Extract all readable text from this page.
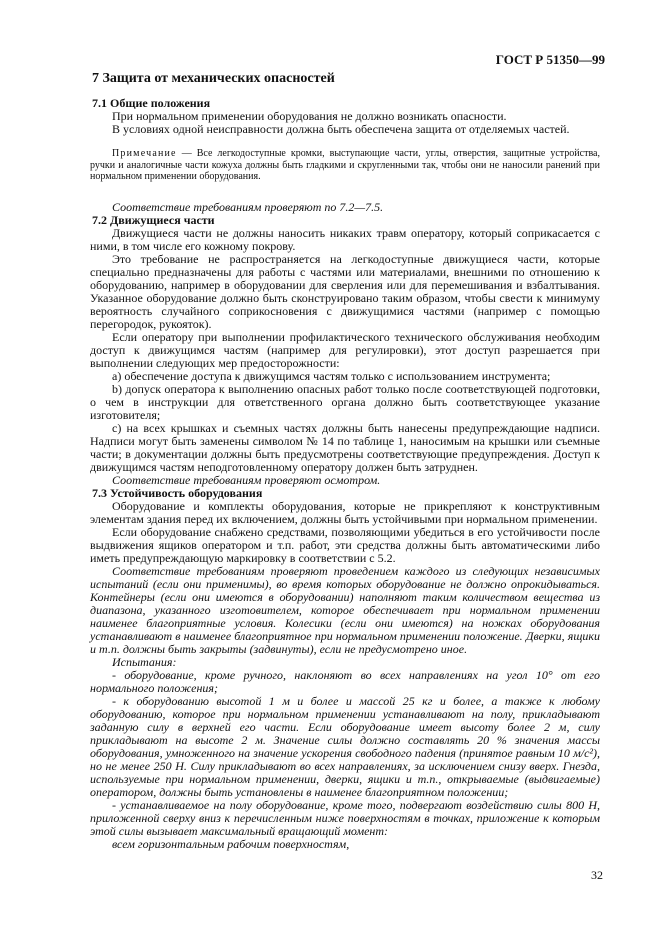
ГОСТ Р 51350—99
7 Защита от механических опасностей
7.1 Общие положения

При нормальном применении оборудования не должно возникать опасности.

В условиях одной неисправности должна быть обеспечена защита от отделяемых частей.

Примечание — Все легкодоступные кромки, выступающие части, углы, отверстия, защитные устройства, ручки и аналогичные части кожуха должны быть гладкими и скругленными так, чтобы они не наносили ранений при нормальном применении оборудования.

Соответствие требованиям проверяют по 7.2—7.5.

7.2 Движущиеся части

Движущиеся части не должны наносить никаких травм оператору, который соприкасается с ними, в том числе его кожному покрову.

Это требование не распространяется на легкодоступные движущиеся части, которые специально предназначены для работы с частями или материалами, внешними по отношению к оборудованию, например в оборудовании для сверления или для перемешивания и взбалтывания. Указанное оборудование должно быть сконструировано таким образом, чтобы свести к минимуму вероятность случайного соприкосновения с движущимися частями (например с помощью перегородок, рукояток).

Если оператору при выполнении профилактического технического обслуживания необходим доступ к движущимся частям (например для регулировки), этот доступ разрешается при выполнении следующих мер предосторожности:

а) обеспечение доступа к движущимся частям только с использованием инструмента;

b) допуск оператора к выполнению опасных работ только после соответствующей подготовки, о чем в инструкции для ответственного органа должно быть соответствующее указание изготовителя;

с) на всех крышках и съемных частях должны быть нанесены предупреждающие надписи. Надписи могут быть заменены символом № 14 по таблице 1, наносимым на крышки или съемные части; в документации должны быть предусмотрены соответствующие предупреждения. Доступ к движущимся частям неподготовленному оператору должен быть затруднен.

Соответствие требованиям проверяют осмотром.

7.3 Устойчивость оборудования

Оборудование и комплекты оборудования, которые не прикрепляют к конструктивным элементам здания перед их включением, должны быть устойчивыми при нормальном применении.

Если оборудование снабжено средствами, позволяющими убедиться в его устойчивости после выдвижения ящиков оператором и т.п. работ, эти средства должны быть автоматическими либо иметь предупреждающую маркировку в соответствии с 5.2.

Соответствие требованиям проверяют проведением каждого из следующих независимых испытаний (если они применимы), во время которых оборудование не должно опрокидываться. Контейнеры (если они имеются в оборудовании) наполняют таким количеством вещества из диапазона, указанного изготовителем, которое обеспечивает при нормальном применении наименее благоприятные условия. Колесики (если они имеются) на ножках оборудования устанавливают в наименее благоприятное при нормальном применении положение. Дверки, ящики и т.п. должны быть закрыты (задвинуты), если не предусмотрено иное.

Испытания:

- оборудование, кроме ручного, наклоняют во всех направлениях на угол 10° от его нормального положения;

- к оборудованию высотой 1 м и более и массой 25 кг и более, а также к любому оборудованию, которое при нормальном применении устанавливают на полу, прикладывают заданную силу в верхней его части. Если оборудование имеет высоту более 2 м, силу прикладывают на высоте 2 м. Значение силы должно составлять 20 % значения массы оборудования, умноженного на значение ускорения свободного падения (принятое равным 10 м/с²), но не менее 250 Н. Силу прикладывают во всех направлениях, за исключением снизу вверх. Гнезда, используемые при нормальном применении, дверки, ящики и т.п., открываемые (выдвигаемые) оператором, должны быть установлены в наименее благоприятном положении;

- устанавливаемое на полу оборудование, кроме того, подвергают воздействию силы 800 Н, приложенной сверху вниз к перечисленным ниже поверхностям в точках, приложение к которым этой силы вызывает максимальный вращающий момент:

всем горизонтальным рабочим поверхностям,

32
